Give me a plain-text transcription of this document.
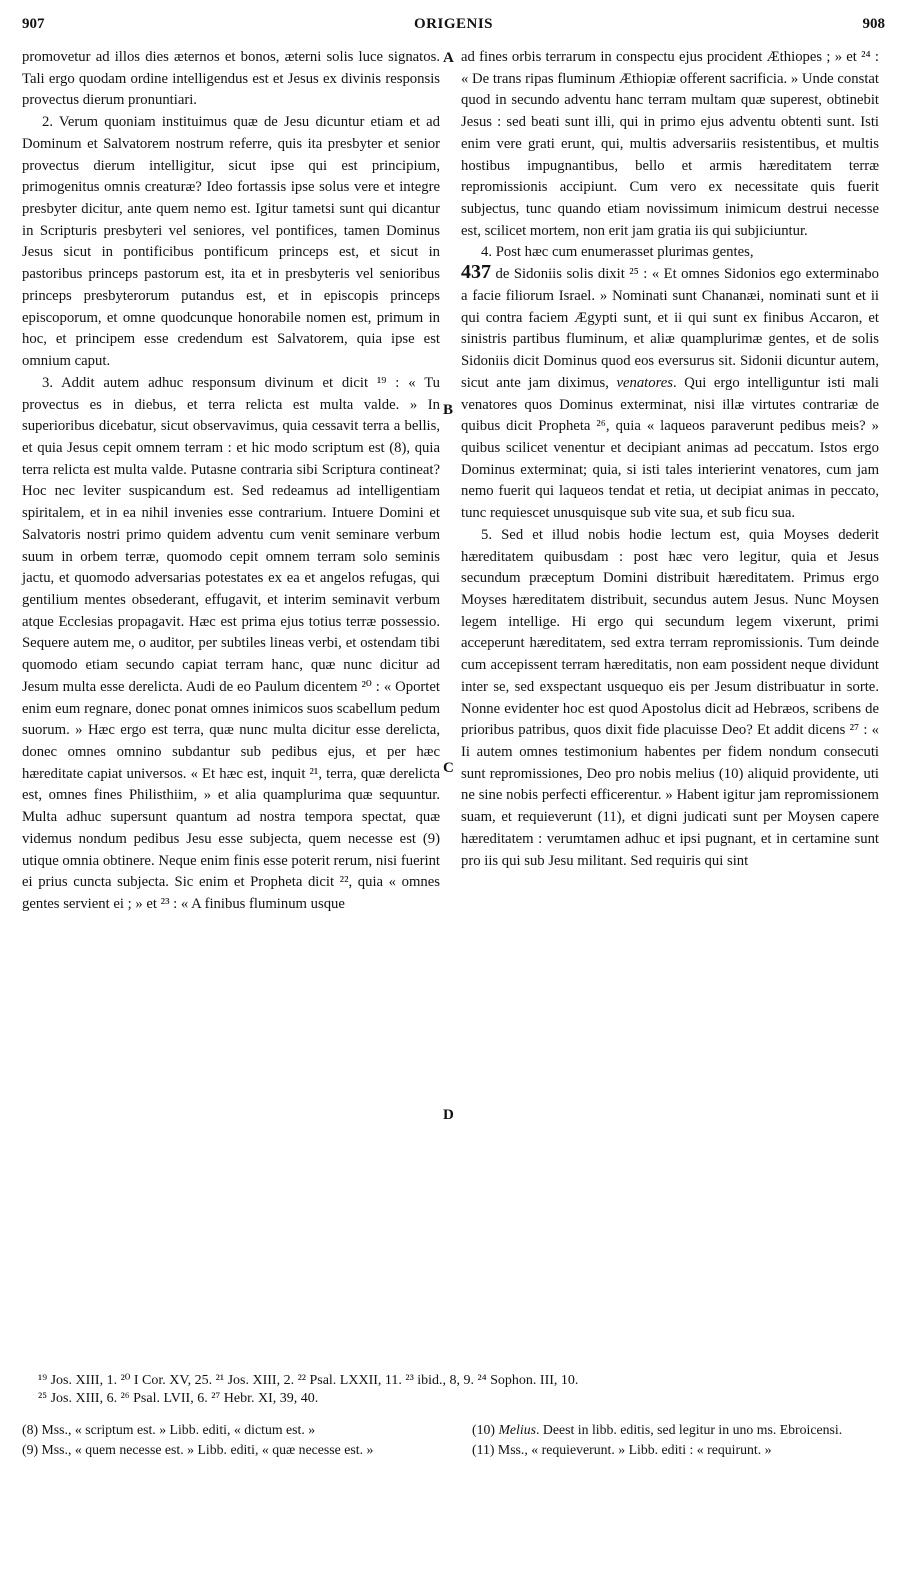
907	ORIGENIS	908
A
B
C
D

promovetur ad illos dies æternos et bonos, æterni solis luce signatos. Tali ergo quodam ordine intelligendus est et Jesus ex divinis responsis provectus dierum pronuntiari.

2. Verum quoniam instituimus quæ de Jesu dicuntur etiam et ad Dominum et Salvatorem nostrum referre, quis ita presbyter et senior provectus dierum intelligitur, sicut ipse qui est principium, primogenitus omnis creaturæ? Ideo fortassis ipse solus vere et integre presbyter dicitur, ante quem nemo est. Igitur tametsi sunt qui dicantur in Scripturis presbyteri vel seniores, vel pontifices, tamen Dominus Jesus sicut in pontificibus pontificum princeps est, et sicut in pastoribus princeps pastorum est, ita et in presbyteris vel senioribus princeps presbyterorum putandus est, et in episcopis princeps episcoporum, et omne quodcunque honorabile nomen est, primum in hoc, et principem esse credendum est Salvatorem, quia ipse est omnium caput.

3. Addit autem adhuc responsum divinum et dicit ¹⁹ : « Tu provectus es in diebus, et terra relicta est multa valde. » In superioribus dicebatur, sicut observavimus, quia cessavit terra a bellis, et quia Jesus cepit omnem terram : et hic modo scriptum est (8), quia terra relicta est multa valde. Putasne contraria sibi Scriptura contineat? Hoc nec leviter suspicandum est. Sed redeamus ad intelligentiam spiritalem, et in ea nihil invenies esse contrarium. Intuere Domini et Salvatoris nostri primo quidem adventu cum venit seminare verbum suum in orbem terræ, quomodo cepit omnem terram solo seminis jactu, et quomodo adversarias potestates ex ea et angelos refugas, qui gentilium mentes obsederant, effugavit, et interim seminavit verbum atque Ecclesias propagavit. Hæc est prima ejus totius terræ possessio. Sequere autem me, o auditor, per subtiles lineas verbi, et ostendam tibi quomodo etiam secundo capiat terram hanc, quæ nunc dicitur ad Jesum multa esse derelicta. Audi de eo Paulum dicentem ²⁰ : « Oportet enim eum regnare, donec ponat omnes inimicos suos scabellum pedum suorum. » Hæc ergo est terra, quæ nunc multa dicitur esse derelicta, donec omnes omnino subdantur sub pedibus ejus, et per hæc hæreditate capiat universos. « Et hæc est, inquit ²¹, terra, quæ derelicta est, omnes fines Philisthiim, » et alia quamplurima quæ sequuntur. Multa adhuc supersunt quantum ad nostra tempora spectat, quæ videmus nondum pedibus Jesu esse subjecta, quem necesse est (9) utique omnia obtinere. Neque enim finis esse poterit rerum, nisi fuerint ei prius cuncta subjecta. Sic enim et Propheta dicit ²², quia « omnes gentes servient ei ; » et ²³ : « A finibus fluminum usque

ad fines orbis terrarum in conspectu ejus procident Æthiopes ; » et ²⁴ : « De trans ripas fluminum Æthiopiæ offerent sacrificia. » Unde constat quod in secundo adventu hanc terram multam quæ superest, obtinebit Jesus : sed beati sunt illi, qui in primo ejus adventu obtenti sunt. Isti enim vere grati erunt, qui, multis adversariis resistentibus, et multis hostibus impugnantibus, bello et armis hæreditatem terræ repromissionis accipiunt. Cum vero ex necessitate quis fuerit subjectus, tunc quando etiam novissimum inimicum destrui necesse est, scilicet mortem, non erit jam gratia iis qui subjiciuntur.

4. Post hæc cum enumerasset plurimas gentes,

437 de Sidoniis solis dixit ²⁵ : « Et omnes Sidonios ego exterminabo a facie filiorum Israel. » Nominati sunt Chananæi, nominati sunt et ii qui contra faciem Ægypti sunt, et ii qui sunt ex finibus Accaron, et sinistris partibus fluminum, et aliæ quamplurimæ gentes, et de solis Sidoniis dicit Dominus quod eos eversurus sit. Sidonii dicuntur autem, sicut ante jam diximus, venatores. Qui ergo intelliguntur isti mali venatores quos Dominus exterminat, nisi illæ virtutes contrariæ de quibus dicit Propheta ²⁶, quia « laqueos paraverunt pedibus meis? » quibus scilicet venentur et decipiant animas ad peccatum. Istos ergo Dominus exterminat; quia, si isti tales interierint venatores, cum jam nemo fuerit qui laqueos tendat et retia, ut decipiat animas in peccato, tunc requiescet unusquisque sub vite sua, et sub ficu sua.

5. Sed et illud nobis hodie lectum est, quia Moyses dederit hæreditatem quibusdam : post hæc vero legitur, quia et Jesus secundum præceptum Domini distribuit hæreditatem. Primus ergo Moyses hæreditatem distribuit, secundus autem Jesus. Nunc Moysen legem intellige. Hi ergo qui secundum legem vixerunt, primi acceperunt hæreditatem, sed extra terram repromissionis. Tum deinde cum accepissent terram hæreditatis, non eam possident neque dividunt inter se, sed exspectant usquequo eis per Jesum distribuatur in sorte. Nonne evidenter hoc est quod Apostolus dicit ad Hebræos, scribens de prioribus patribus, quos dixit fide placuisse Deo? Et addit dicens ²⁷ : « Ii autem omnes testimonium habentes per fidem nondum consecuti sunt repromissiones, Deo pro nobis melius (10) aliquid providente, uti ne sine nobis perfecti efficerentur. » Habent igitur jam repromissionem suam, et requieverunt (11), et digni judicati sunt per Moysen capere hæreditatem : verumtamen adhuc et ipsi pugnant, et in certamine sunt pro iis qui sub Jesu militant. Sed requiris qui sint

¹⁹ Jos. XIII, 1. ²⁰ I Cor. XV, 25. ²¹ Jos. XIII, 2. ²² Psal. LXXII, 11. ²³ ibid., 8, 9. ²⁴ Sophon. III, 10.
²⁵ Jos. XIII, 6. ²⁶ Psal. LVII, 6. ²⁷ Hebr. XI, 39, 40.

(8) Mss., « scriptum est. » Libb. editi, « dictum est. »

(9) Mss., « quem necesse est. » Libb. editi, « quæ necesse est. »

(10) Melius. Deest in libb. editis, sed legitur in uno ms. Ebroicensi.

(11) Mss., « requieverunt. » Libb. editi : « requirunt. »
